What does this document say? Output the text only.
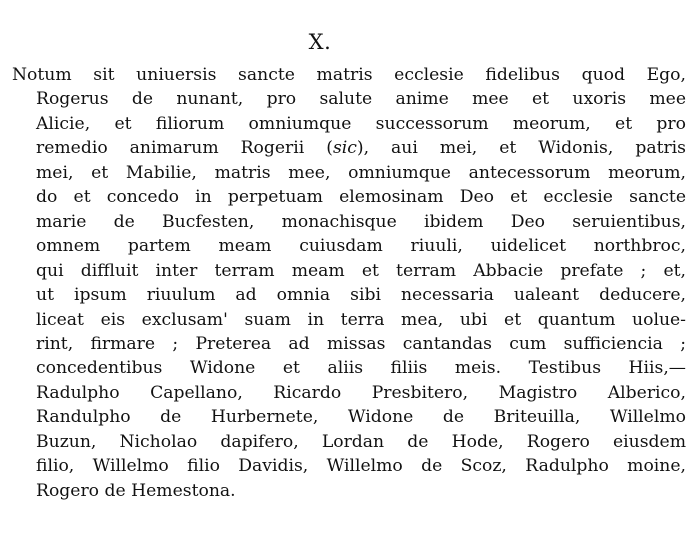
X.
Notum sit uniuersis sancte matris ecclesie fidelibus quod Ego,
Rogerus de nunant, pro salute anime mee et uxoris mee
Alicie, et filiorum omniumque successorum meorum, et pro
remedio animarum Rogerii (sic), aui mei, et Widonis, patris
mei, et Mabilie, matris mee, omniumque antecessorum meorum,
do et concedo in perpetuam elemosinam Deo et ecclesie sancte
marie de Bucfesten, monachisque ibidem Deo seruientibus,
omnem partem meam cuiusdam riuuli, uidelicet northbroc,
qui diffluit inter terram meam et terram Abbacie prefate ; et,
ut ipsum riuulum ad omnia sibi necessaria ualeant deducere,
liceat eis exclusam' suam in terra mea, ubi et quantum uolue-
rint, firmare ; Preterea ad missas cantandas cum sufficiencia ;
concedentibus Widone et aliis filiis meis. Testibus Hiis,—
Radulpho Capellano, Ricardo Presbitero, Magistro Alberico,
Randulpho de Hurbernete, Widone de Briteuilla, Willelmo
Buzun, Nicholao dapifero, Lordan de Hode, Rogero eiusdem
filio, Willelmo filio Davidis, Willelmo de Scoz, Radulpho moine,
Rogero de Hemestona.
